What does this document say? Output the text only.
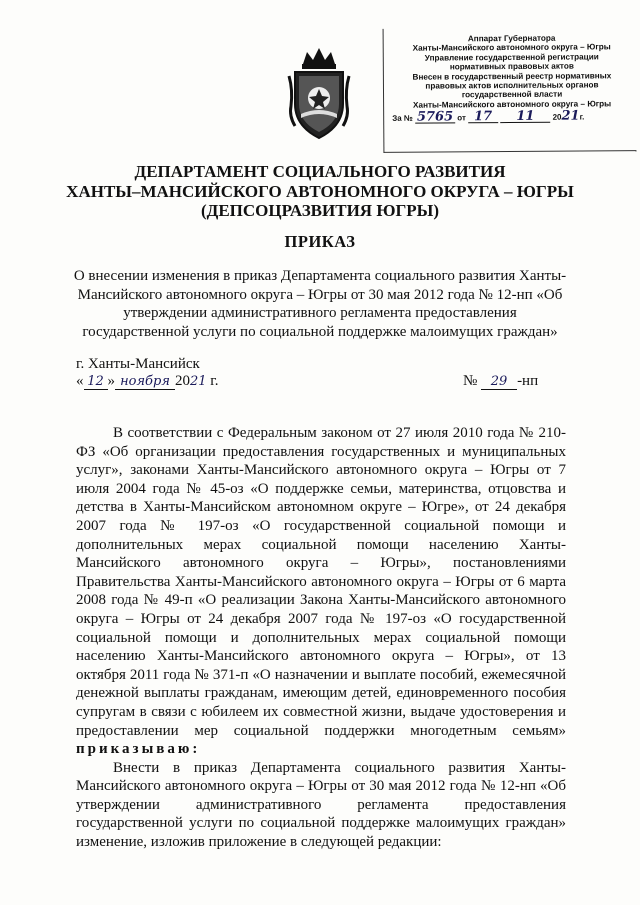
Аппарат Губернатора
Ханты-Мансийского автономного округа – Югры
Управление государственной регистрации
нормативных правовых актов
Внесен в государственный реестр нормативных
правовых актов исполнительных органов
государственной власти
Ханты-Мансийского автономного округа – Югры
За № 5765 от 17 11 2021г.
ДЕПАРТАМЕНТ СОЦИАЛЬНОГО РАЗВИТИЯ
ХАНТЫ–МАНСИЙСКОГО АВТОНОМНОГО ОКРУГА – ЮГРЫ
(ДЕПСОЦРАЗВИТИЯ ЮГРЫ)
ПРИКАЗ
О внесении изменения в приказ Департамента социального развития Ханты-Мансийского автономного округа – Югры от 30 мая 2012 года № 12-нп «Об утверждении административного регламента предоставления государственной услуги по социальной поддержке малоимущих граждан»
г. Ханты-Мансийск
« 12 » ноября 2021 г.	№ 29 -нп

В соответствии с Федеральным законом от 27 июля 2010 года № 210-ФЗ «Об организации предоставления государственных и муниципальных услуг», законами Ханты-Мансийского автономного округа – Югры от 7 июля 2004 года № 45-оз «О поддержке семьи, материнства, отцовства и детства в Ханты-Мансийском автономном округе – Югре», от 24 декабря 2007 года № 197-оз «О государственной социальной помощи и дополнительных мерах социальной помощи населению Ханты-Мансийского автономного округа – Югры», постановлениями Правительства Ханты-Мансийского автономного округа – Югры от 6 марта 2008 года № 49-п «О реализации Закона Ханты-Мансийского автономного округа – Югры от 24 декабря 2007 года № 197-оз «О государственной социальной помощи и дополнительных мерах социальной помощи населению Ханты-Мансийского автономного округа – Югры», от 13 октября 2011 года № 371-п «О назначении и выплате пособий, ежемесячной денежной выплаты гражданам, имеющим детей, единовременного пособия супругам в связи с юбилеем их совместной жизни, выдаче удостоверения и предоставлении мер социальной поддержки многодетным семьям» приказываю:

Внести в приказ Департамента социального развития Ханты-Мансийского автономного округа – Югры от 30 мая 2012 года № 12-нп «Об утверждении административного регламента предоставления государственной услуги по социальной поддержке малоимущих граждан» изменение, изложив приложение в следующей редакции:
